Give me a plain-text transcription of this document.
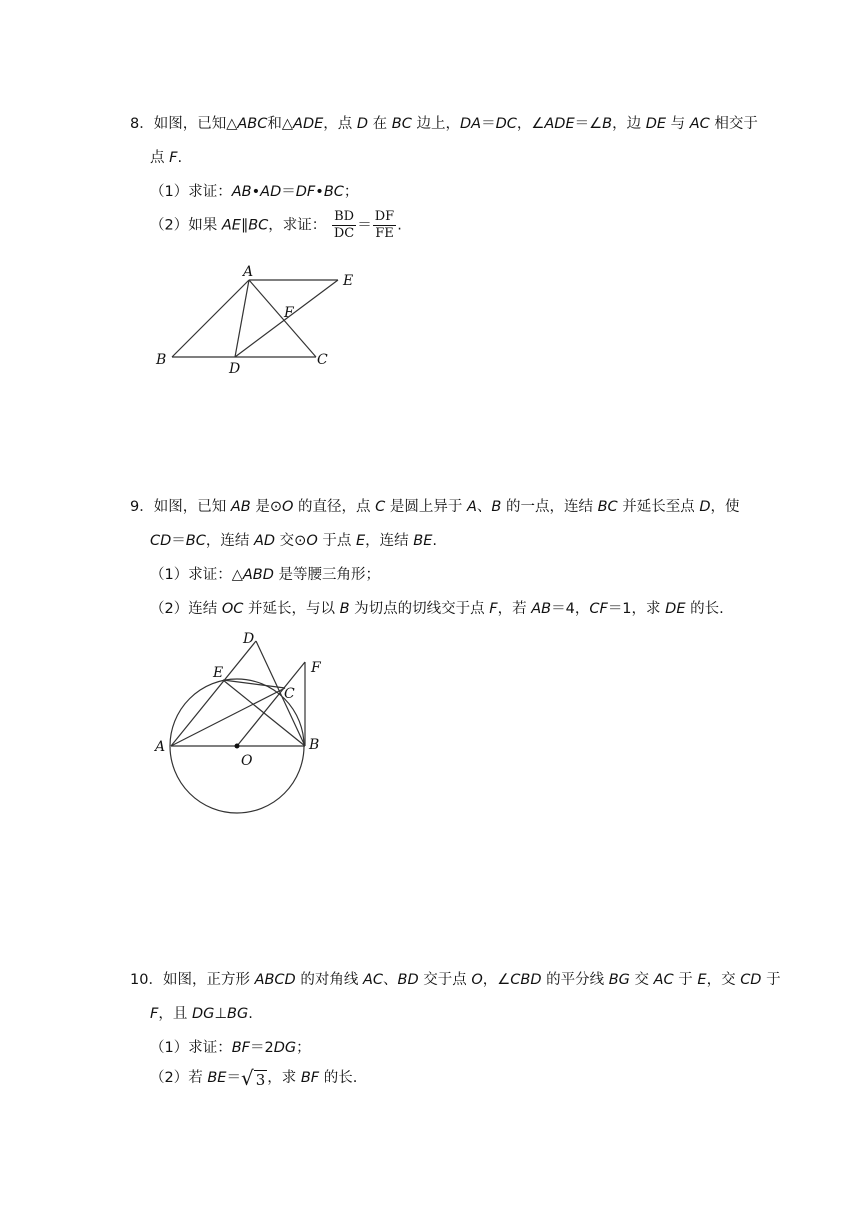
8．如图，已知△ABC和△ADE，点 D 在 BC 边上，DA＝DC，∠ADE＝∠B，边 DE 与 AC 相交于
点 F.
（1）求证：AB•AD＝DF•BC；
（2）如果 AE∥BC，求证： $\frac{BD}{DC} = \frac{DF}{FE}$ .
A
B	C
D
E
F
A	B
C
D
E	F
O
9．如图，已知 AB 是⊙O 的直径，点 C 是圆上异于 A、B 的一点，连结 BC 并延长至点 D，使
CD＝BC，连结 AD 交⊙O 于点 E，连结 BE.
（1）求证：△ABD 是等腰三角形；
（2）连结 OC 并延长，与以 B 为切点的切线交于点 F，若 AB＝4，CF＝1，求 DE 的长.
10．如图，正方形 ABCD 的对角线 AC、BD 交于点 O，∠CBD 的平分线 BG 交 AC 于 E，交 CD 于
F，且 DG⊥BG.
（1）求证：BF＝2DG；
（2）若 BE＝√ 3 ，求 BF 的长.
